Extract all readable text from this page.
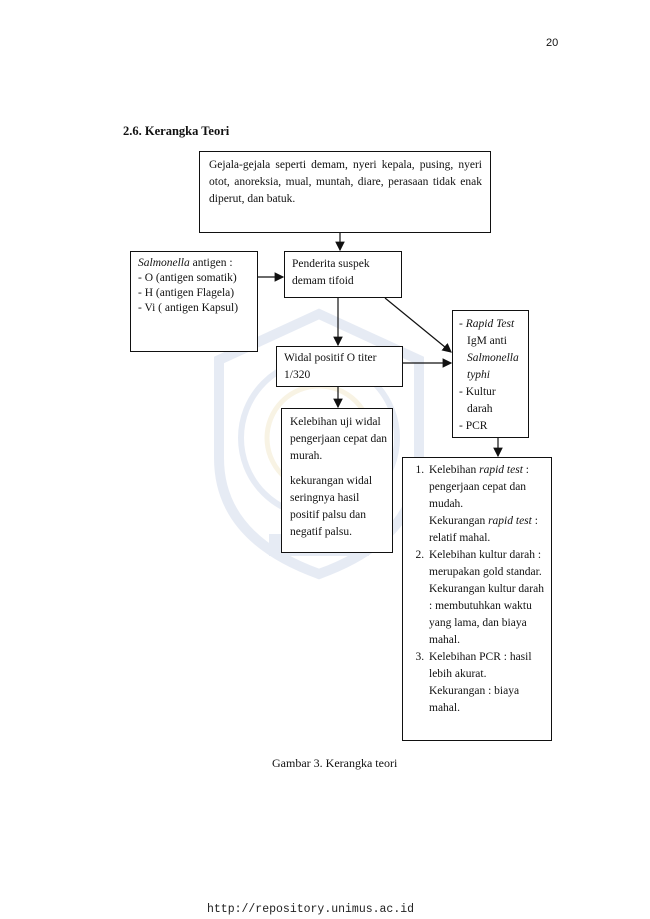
20
2.6. Kerangka Teori
Gejala-gejala seperti demam, nyeri kepala, pusing, nyeri otot, anoreksia, mual, muntah, diare, perasaan tidak enak diperut, dan batuk.
Salmonella antigen :
- O (antigen somatik)
- H (antigen Flagela)
- Vi ( antigen Kapsul)
Penderita suspek demam tifoid
Widal positif O titer 1/320
- Rapid Test
IgM anti
Salmonella
typhi
- Kultur
darah
- PCR
Kelebihan uji widal pengerjaan cepat dan murah.
kekurangan widal seringnya hasil positif palsu dan negatif palsu.
1. Kelebihan rapid test : pengerjaan cepat dan mudah.
Kekurangan rapid test : relatif mahal.
2. Kelebihan kultur darah : merupakan gold standar.
Kekurangan kultur darah : membutuhkan waktu yang lama, dan biaya mahal.
3. Kelebihan PCR : hasil lebih akurat.
Kekurangan : biaya mahal.
Gambar 3. Kerangka teori
http://repository.unimus.ac.id
